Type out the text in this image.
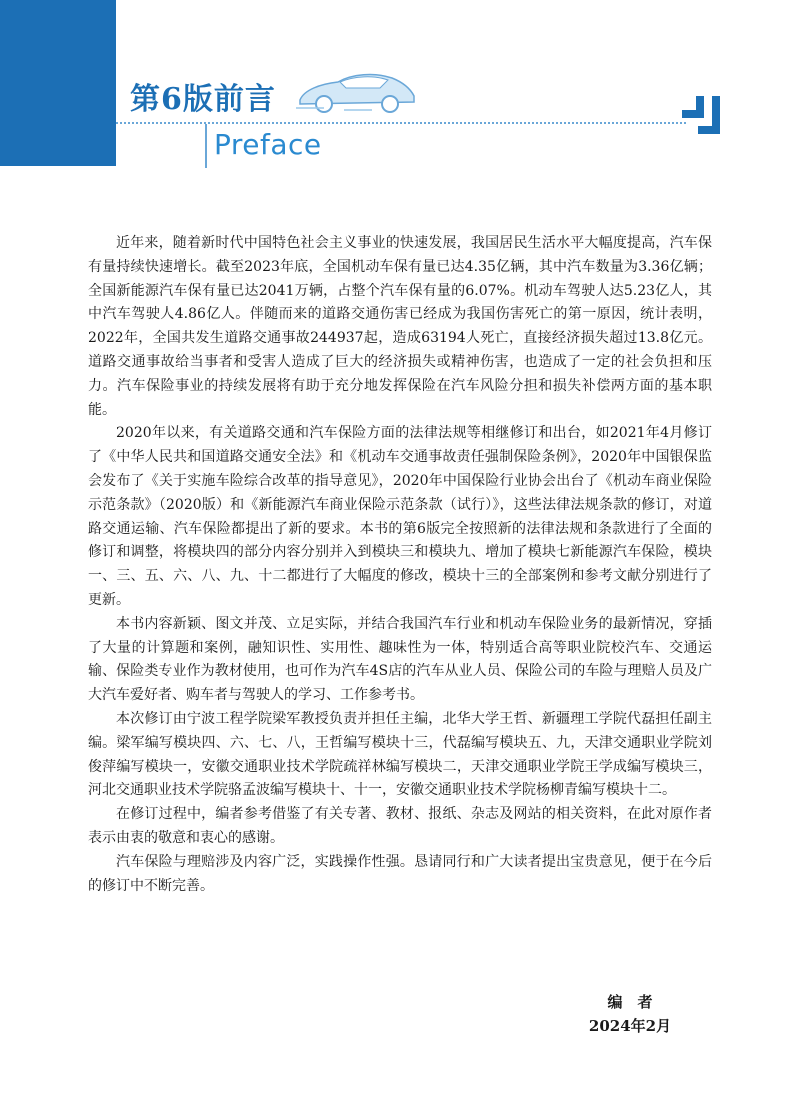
第6版前言
Preface

近年来，随着新时代中国特色社会主义事业的快速发展，我国居民生活水平大幅度提高，汽车保有量持续快速增长。截至2023年底，全国机动车保有量已达4.35亿辆，其中汽车数量为3.36亿辆；全国新能源汽车保有量已达2041万辆，占整个汽车保有量的6.07%。机动车驾驶人达5.23亿人，其中汽车驾驶人4.86亿人。伴随而来的道路交通伤害已经成为我国伤害死亡的第一原因，统计表明，2022年，全国共发生道路交通事故244937起，造成63194人死亡，直接经济损失超过13.8亿元。道路交通事故给当事者和受害人造成了巨大的经济损失或精神伤害，也造成了一定的社会负担和压力。汽车保险事业的持续发展将有助于充分地发挥保险在汽车风险分担和损失补偿两方面的基本职能。

2020年以来，有关道路交通和汽车保险方面的法律法规等相继修订和出台，如2021年4月修订了《中华人民共和国道路交通安全法》和《机动车交通事故责任强制保险条例》，2020年中国银保监会发布了《关于实施车险综合改革的指导意见》，2020年中国保险行业协会出台了《机动车商业保险示范条款》（2020版）和《新能源汽车商业保险示范条款（试行）》，这些法律法规条款的修订，对道路交通运输、汽车保险都提出了新的要求。本书的第6版完全按照新的法律法规和条款进行了全面的修订和调整，将模块四的部分内容分别并入到模块三和模块九、增加了模块七新能源汽车保险，模块一、三、五、六、八、九、十二都进行了大幅度的修改，模块十三的全部案例和参考文献分别进行了更新。

本书内容新颖、图文并茂、立足实际，并结合我国汽车行业和机动车保险业务的最新情况，穿插了大量的计算题和案例，融知识性、实用性、趣味性为一体，特别适合高等职业院校汽车、交通运输、保险类专业作为教材使用，也可作为汽车4S店的汽车从业人员、保险公司的车险与理赔人员及广大汽车爱好者、购车者与驾驶人的学习、工作参考书。

本次修订由宁波工程学院梁军教授负责并担任主编，北华大学王哲、新疆理工学院代磊担任副主编。梁军编写模块四、六、七、八，王哲编写模块十三，代磊编写模块五、九，天津交通职业学院刘俊萍编写模块一，安徽交通职业技术学院疏祥林编写模块二，天津交通职业学院王学成编写模块三，河北交通职业技术学院骆孟波编写模块十、十一，安徽交通职业技术学院杨柳青编写模块十二。

在修订过程中，编者参考借鉴了有关专著、教材、报纸、杂志及网站的相关资料，在此对原作者表示由衷的敬意和衷心的感谢。

汽车保险与理赔涉及内容广泛，实践操作性强。恳请同行和广大读者提出宝贵意见，便于在今后的修订中不断完善。

编　者
2024年2月
